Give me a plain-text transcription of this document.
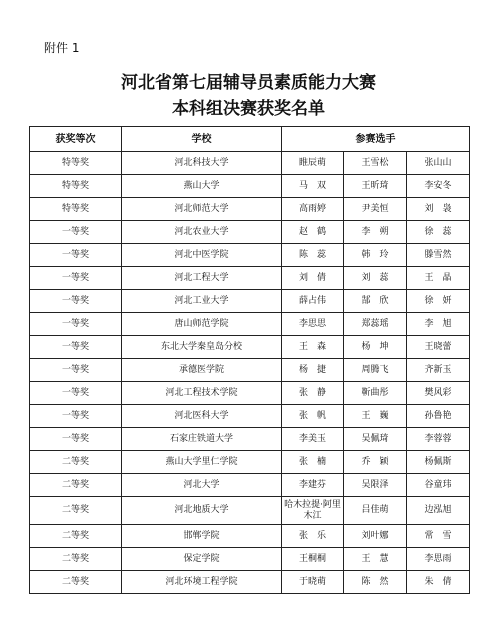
附件 1
河北省第七届辅导员素质能力大赛
本科组决赛获奖名单
获奖等次	学校	参赛选手		
特等奖	河北科技大学	睢辰萌	王雪松	张山山
特等奖	燕山大学	马　双	王昕琦	李安冬
特等奖	河北师范大学	高雨婷	尹美恒	刘　袅
一等奖	河北农业大学	赵　鹤	李　朔	徐　蕊
一等奖	河北中医学院	陈　蕊	韩　玲	滕雪然
一等奖	河北工程大学	刘　倩	刘　蕊	王　晶
一等奖	河北工业大学	薛占伟	郜　欣	徐　妍
一等奖	唐山师范学院	李思思	郑蕊瑶	李　旭
一等奖	东北大学秦皇岛分校	王　森	杨　坤	王晓蕾
一等奖	承德医学院	杨　捷	周腾飞	齐新玉
一等奖	河北工程技术学院	张　静	靳曲彤	樊风彩
一等奖	河北医科大学	张　帆	王　巍	孙鲁艳
一等奖	石家庄铁道大学	李美玉	吴佩琦	李蓉蓉
二等奖	燕山大学里仁学院	张　楠	乔　颖	杨佩斯
二等奖	河北大学	李建芬	吴限泽	谷童玮
二等奖	河北地质大学	哈木拉提·阿里木江	吕佳萌	边泓旭
二等奖	邯郸学院	张　乐	刘叶娜	常　雪
二等奖	保定学院	王桐桐	王　慧	李思雨
二等奖	河北环境工程学院	于晓萌	陈　然	朱　倩
